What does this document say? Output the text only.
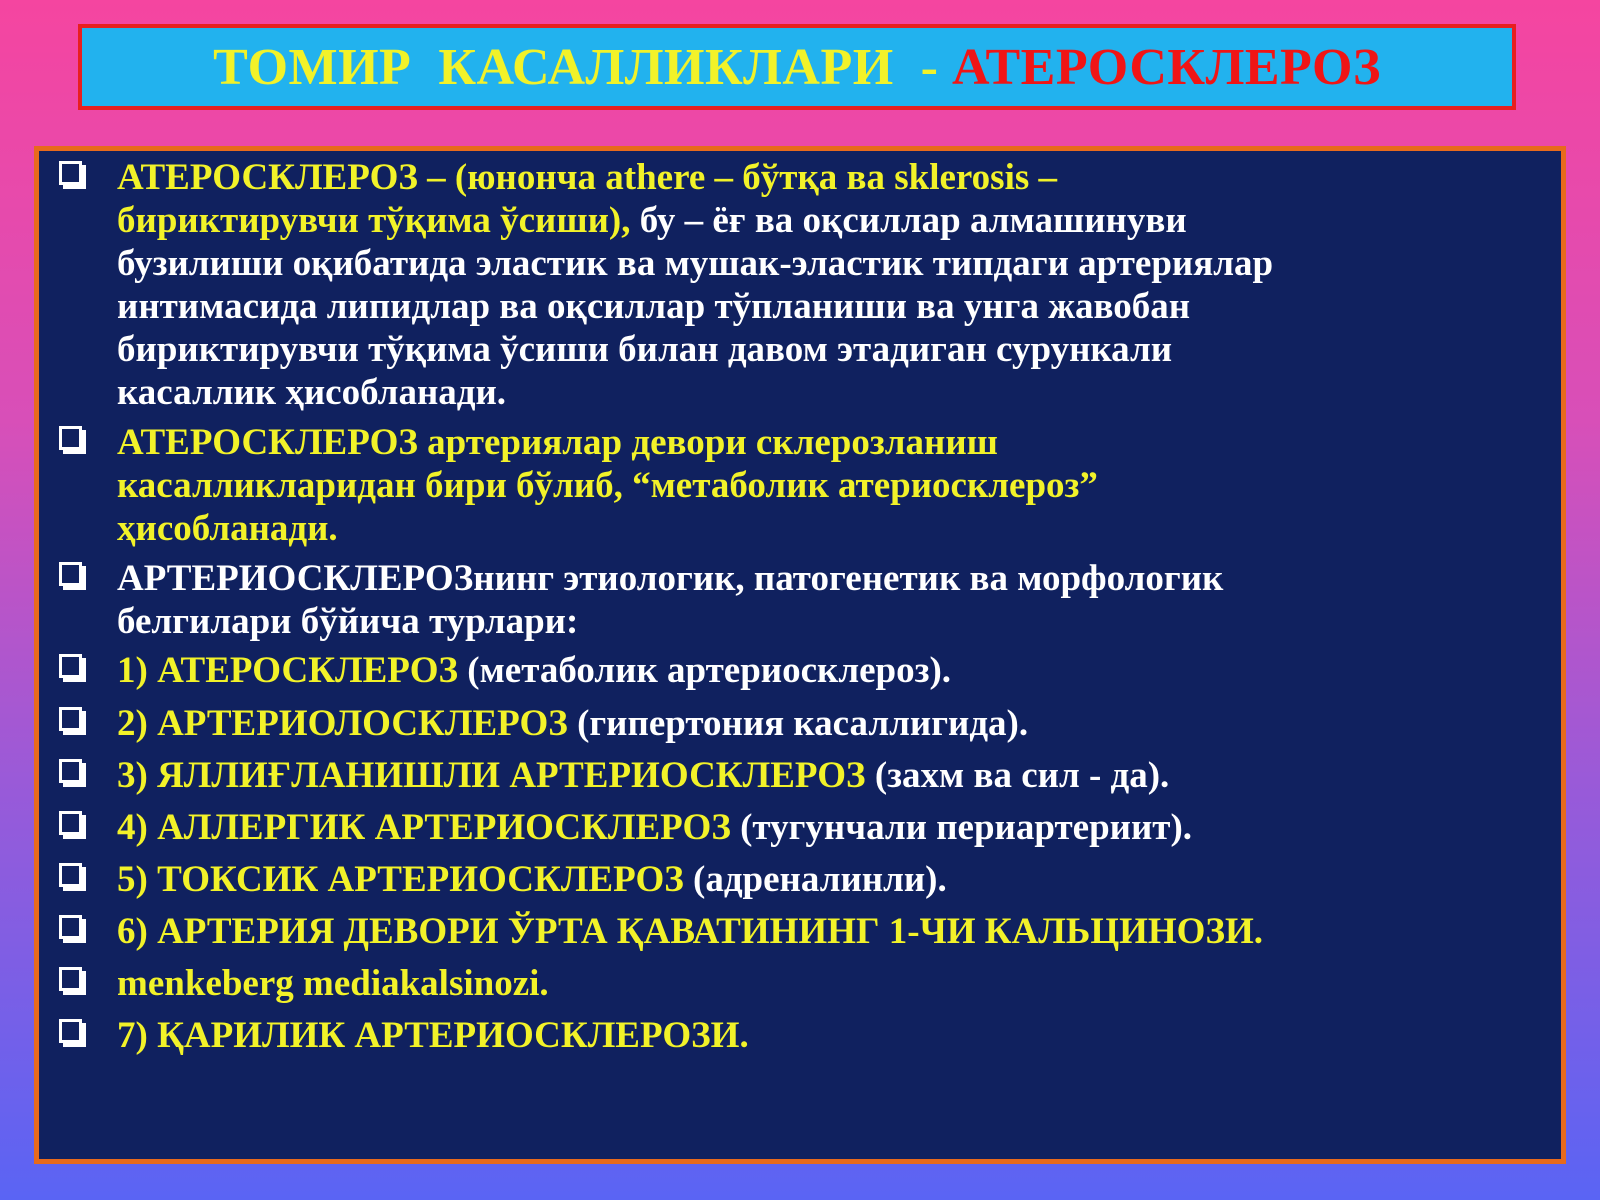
ТОМИР  КАСАЛЛИКЛАРИ  - АТЕРОСКЛЕРОЗ
АТЕРОСКЛЕРОЗ – (юнонча athere – бўтқа ва sklerosis –
бириктирувчи тўқима ўсиши), бу – ёғ ва оқсиллар алмашинуви
бузилиши оқибатида эластик ва мушак-эластик типдаги артериялар
интимасида липидлар ва оқсиллар тўпланиши ва унга жавобан
бириктирувчи тўқима ўсиши билан давом этадиган сурункали
касаллик ҳисобланади.
АТЕРОСКЛЕРОЗ артериялар девори склерозланиш
касалликларидан бири бўлиб, “метаболик атериосклероз”
ҳисобланади.
АРТЕРИОСКЛЕРОЗнинг этиологик, патогенетик ва морфологик
белгилари бўйича турлари:
1) АТЕРОСКЛЕРОЗ (метаболик артериосклероз).
2) АРТЕРИОЛОСКЛЕРОЗ (гипертония касаллигида).
3) ЯЛЛИҒЛАНИШЛИ АРТЕРИОСКЛЕРОЗ (захм ва сил - да).
4) АЛЛЕРГИК АРТЕРИОСКЛЕРОЗ (тугунчали периартериит).
5) ТОКСИК АРТЕРИОСКЛЕРОЗ (адреналинли).
6) АРТЕРИЯ ДЕВОРИ ЎРТА ҚАВАТИНИНГ 1-ЧИ КАЛЬЦИНОЗИ.
menkeberg mediakalsinozi.
7) ҚАРИЛИК АРТЕРИОСКЛЕРОЗИ.
